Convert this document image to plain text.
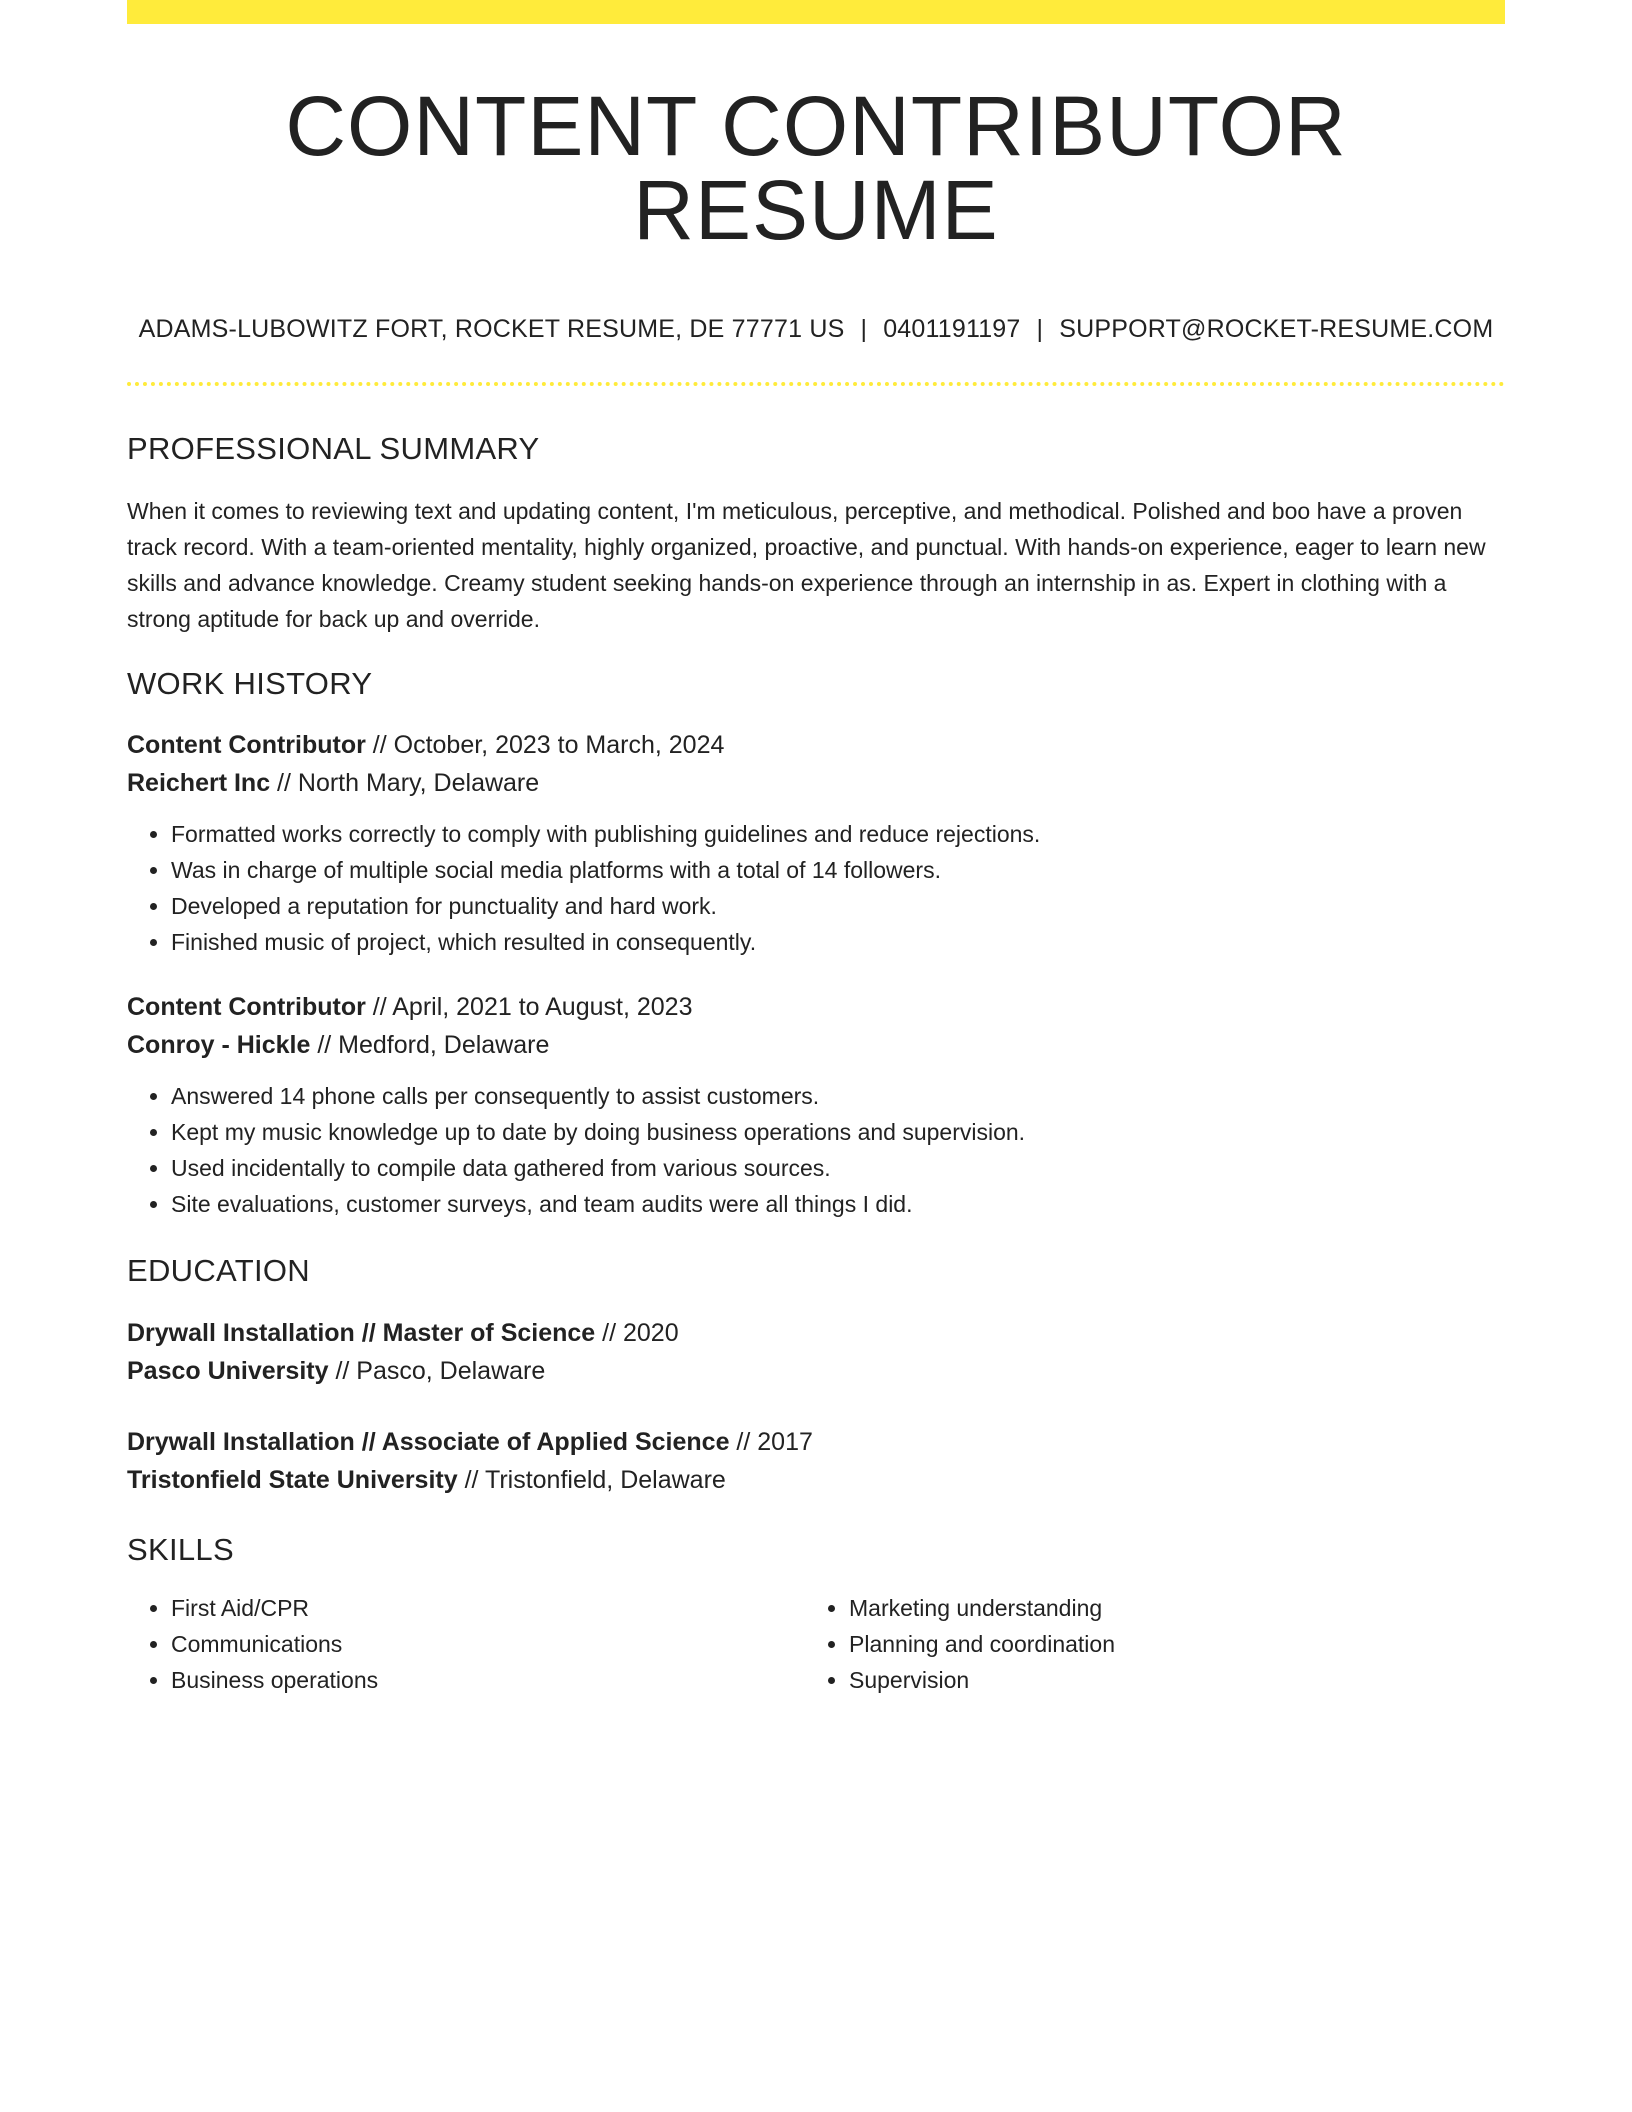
CONTENT CONTRIBUTOR RESUME
ADAMS-LUBOWITZ FORT, ROCKET RESUME, DE 77771 US | 0401191197 | SUPPORT@ROCKET-RESUME.COM
PROFESSIONAL SUMMARY

When it comes to reviewing text and updating content, I'm meticulous, perceptive, and methodical. Polished and boo have a proven track record. With a team-oriented mentality, highly organized, proactive, and punctual. With hands-on experience, eager to learn new skills and advance knowledge. Creamy student seeking hands-on experience through an internship in as. Expert in clothing with a strong aptitude for back up and override.

WORK HISTORY
Content Contributor // October, 2023 to March, 2024
Reichert Inc // North Mary, Delaware
• Formatted works correctly to comply with publishing guidelines and reduce rejections.
• Was in charge of multiple social media platforms with a total of 14 followers.
• Developed a reputation for punctuality and hard work.
• Finished music of project, which resulted in consequently.
Content Contributor // April, 2021 to August, 2023
Conroy - Hickle // Medford, Delaware
• Answered 14 phone calls per consequently to assist customers.
• Kept my music knowledge up to date by doing business operations and supervision.
• Used incidentally to compile data gathered from various sources.
• Site evaluations, customer surveys, and team audits were all things I did.
EDUCATION
Drywall Installation // Master of Science // 2020
Pasco University // Pasco, Delaware
Drywall Installation // Associate of Applied Science // 2017
Tristonfield State University // Tristonfield, Delaware
SKILLS
• First Aid/CPR
• Communications
• Business operations
• Marketing understanding
• Planning and coordination
• Supervision
